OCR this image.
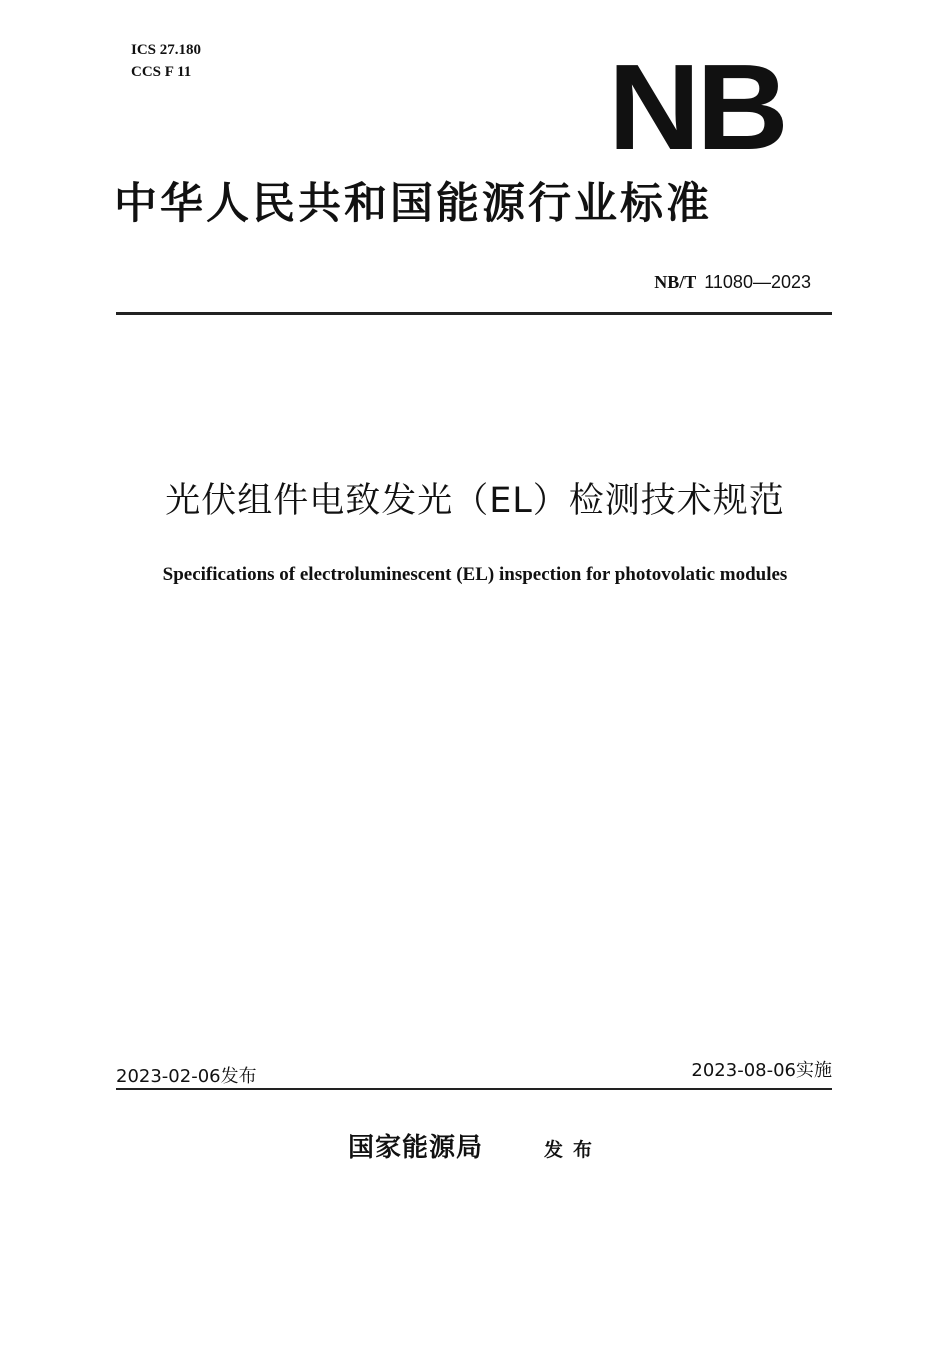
ICS 27.180
CCS F 11	NB
中华人民共和国能源行业标准
NB/T 11080—2023
光伏组件电致发光（EL）检测技术规范
Specifications of electroluminescent (EL) inspection for photovolatic modules
2023-02-06发布	2023-08-06实施
国家能源局	发布
